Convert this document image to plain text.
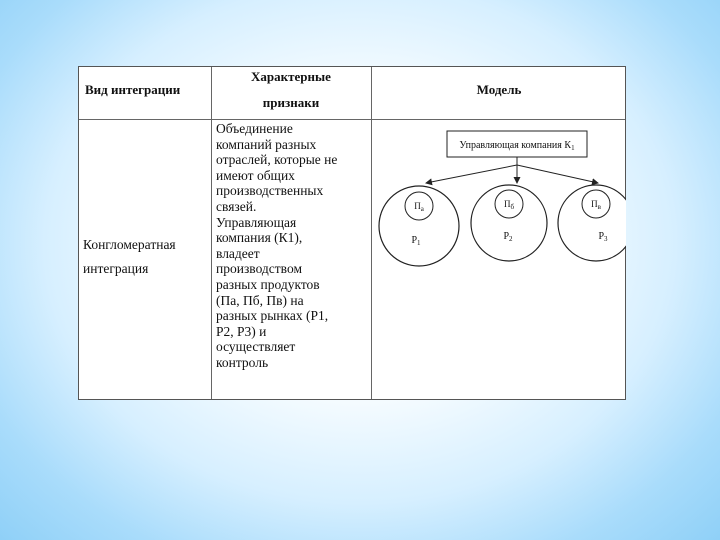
Вид интеграции
Характерные
признаки
Модель
Конгломератная
интеграция
Объединение
компаний разных
отраслей, которые не
имеют общих
производственных
связей.
Управляющая
компания (К1),
владеет
производством
разных продуктов
(Па, Пб, Пв) на
разных рынках (Р1,
Р2, Р3) и
осуществляет
контроль
Управляющая компания $К_1$
$П_а$
$Р_1$
$П_б$
$Р_2$
$П_в$
$Р_3$
